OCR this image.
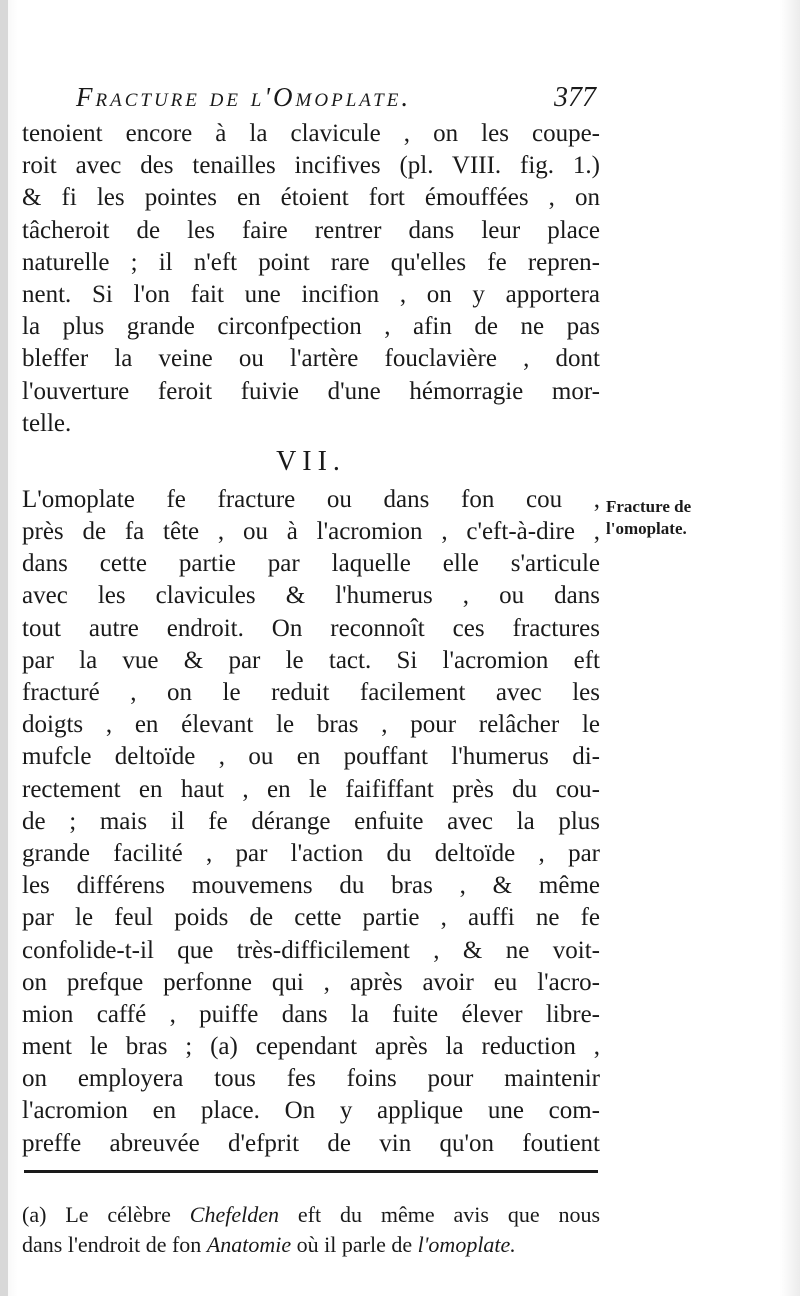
Fracture de l'Omoplate.	377
tenoient encore à la clavicule , on les coupe-
roit avec des tenailles incifives (pl. VIII. fig. 1.)
& fi les pointes en étoient fort émouffées , on
tâcheroit de les faire rentrer dans leur place
naturelle ; il n'eft point rare qu'elles fe repren-
nent. Si l'on fait une incifion , on y apportera
la plus grande circonfpection , afin de ne pas
bleffer la veine ou l'artère fouclavière , dont
l'ouverture feroit fuivie d'une hémorragie mor-
telle.
VII.
L'omoplate fe fracture ou dans fon cou ,
près de fa tête , ou à l'acromion , c'eft-à-dire ,
dans cette partie par laquelle elle s'articule
avec les clavicules & l'humerus , ou dans
tout autre endroit. On reconnoît ces fractures
par la vue & par le tact. Si l'acromion eft
fracturé , on le reduit facilement avec les
doigts , en élevant le bras , pour relâcher le
mufcle deltoïde , ou en pouffant l'humerus di-
rectement en haut , en le faififfant près du cou-
de ; mais il fe dérange enfuite avec la plus
grande facilité , par l'action du deltoïde , par
les différens mouvemens du bras , & même
par le feul poids de cette partie , auffi ne fe
confolide-t-il que très-difficilement , & ne voit-
on prefque perfonne qui , après avoir eu l'acro-
mion caffé , puiffe dans la fuite élever libre-
ment le bras ; (a) cependant après la reduction ,
on employera tous fes foins pour maintenir
l'acromion en place. On y applique une com-
preffe abreuvée d'efprit de vin qu'on foutient
Fracture de
l'omoplate.
(a) Le célèbre Chefelden eft du même avis que nous
dans l'endroit de fon Anatomie où il parle de l'omoplate.
